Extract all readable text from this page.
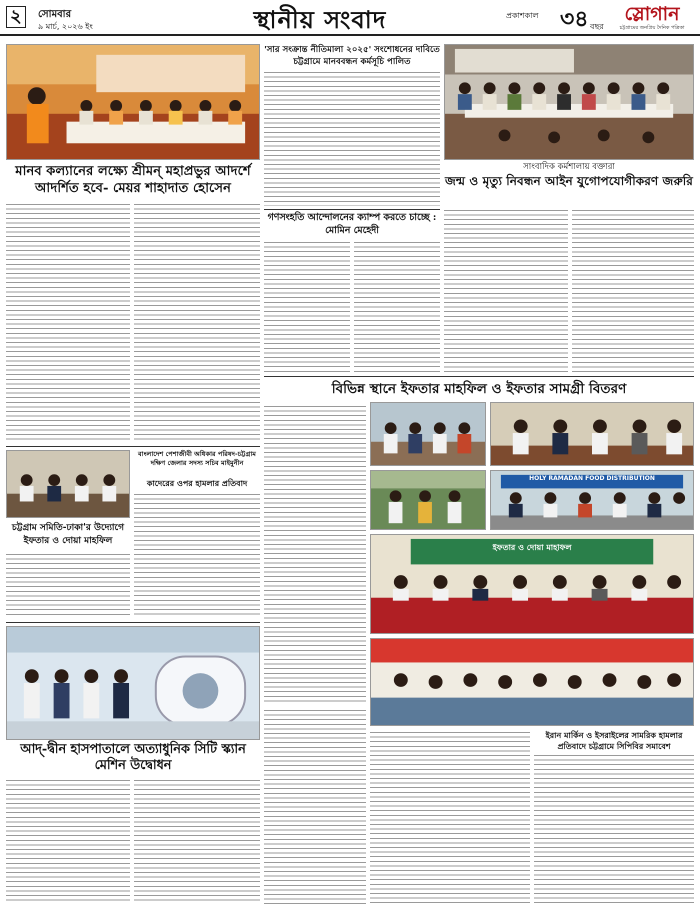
২	সোমবার
৯ মার্চ, ২০২৬ ইং	স্থানীয় সংবাদ	প্রকাশকাল ৩৪ বছর
স্লোগান
চট্টগ্রামের জনপ্রিয় দৈনিক পত্রিকা
মানব কল্যানের লক্ষ্যে শ্রীমন্ মহাপ্রভুর আদর্শে আদর্শিত হবে- মেয়র শাহাদাত হোসেন
'সার সংক্রান্ত নীতিমালা ২০২৫' সংশোধনের দাবিতে চট্টগ্রামে মানববন্ধন কর্মসূচি পালিত
সাংবাদিক কর্মশালায় বক্তারা
জন্ম ও মৃত্যু নিবন্ধন আইন যুগোপযোগীকরণ জরুরি
গণসংহতি আন্দোলনের ক্যাম্প করতে চাচ্ছে : মোমিন মেহেদী
বিভিন্ন স্থানে ইফতার মাহফিল ও ইফতার সামগ্রী বিতরণ
HOLY RAMADAN FOOD DISTRIBUTION
ইফতার ও দোয়া মাহফিল
চট্টগ্রাম সমিতি-ঢাকা'র উদ্যোগে ইফতার ও দোয়া মাহফিল
বাংলাদেশ পেশাজীবী অধিকার পরিষদ-চট্টগ্রাম দক্ষিণ জেলার সদস্য সচিব মাইমুনীন
কাদেরের ওপর হামলার প্রতিবাদ
আদ্-দ্বীন হাসপাতালে অত্যাধুনিক সিটি স্ক্যান মেশিন উদ্বোধন
ইরান মার্কিন ও ইসরাইলের সামরিক হামলার প্রতিবাদে চট্টগ্রামে সিপিবির সমাবেশ
